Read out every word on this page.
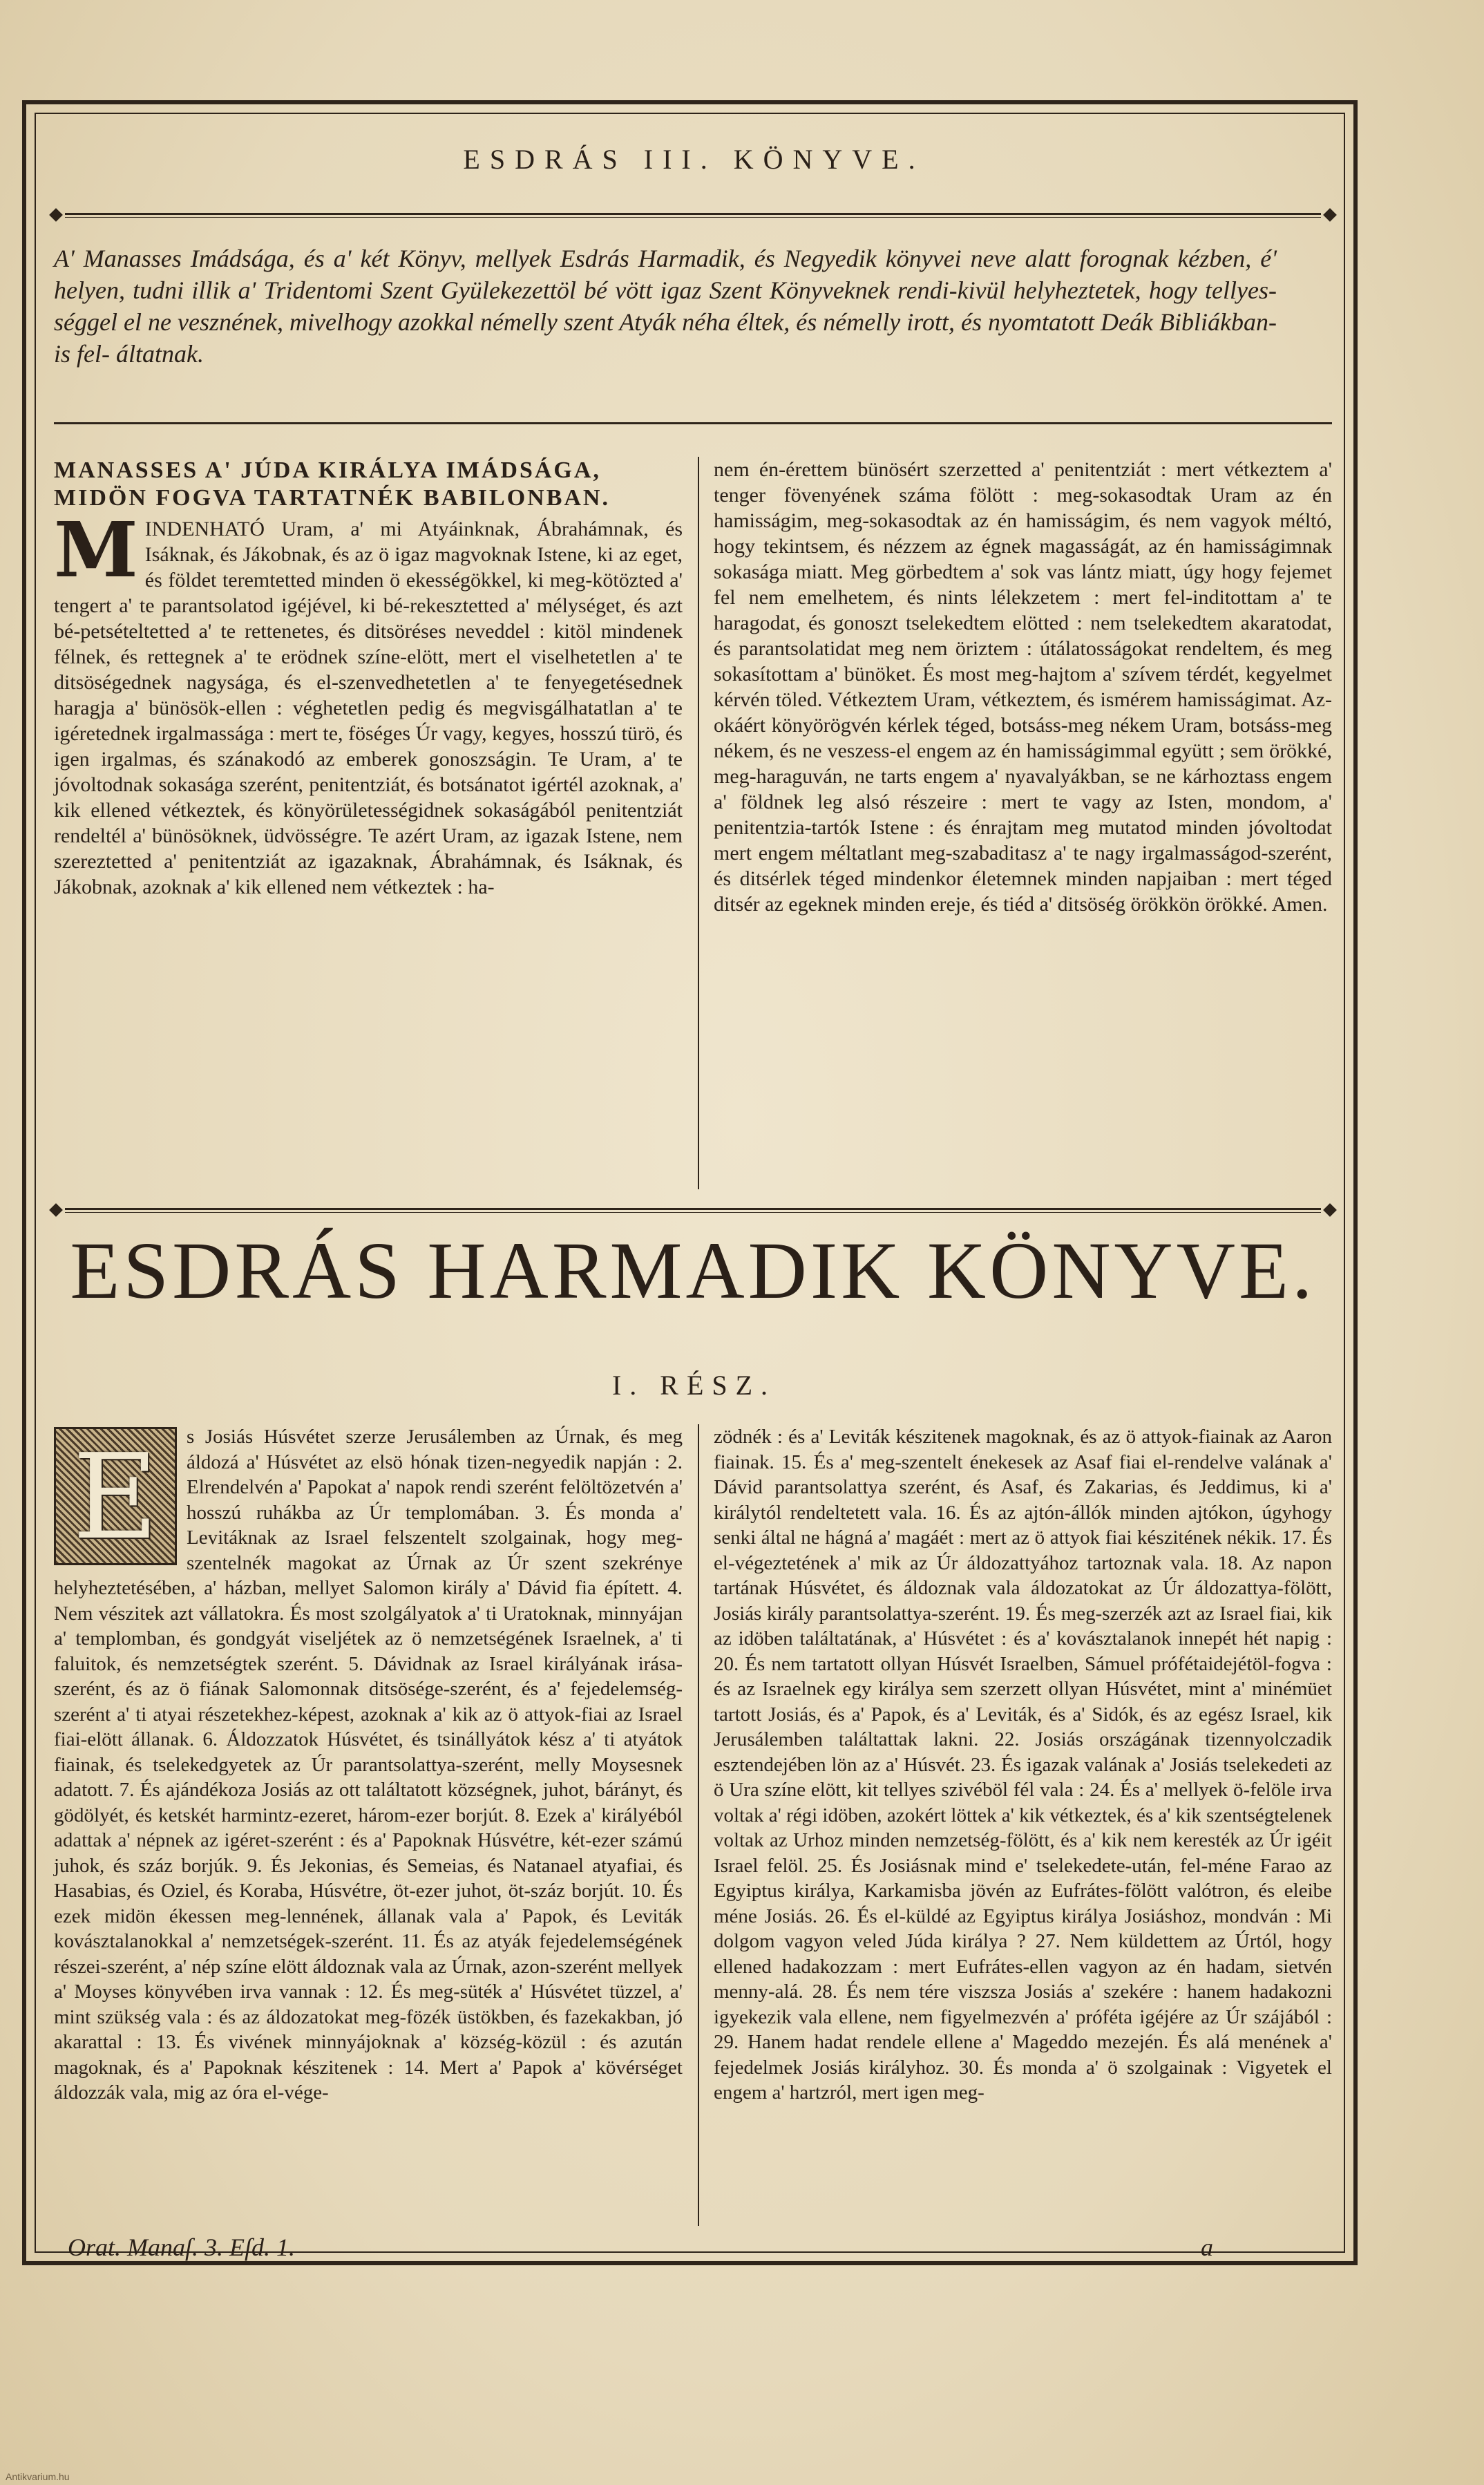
ESDRÁS III. KÖNYVE.
A' Manasses Imádsága, és a' két Könyv, mellyek Esdrás Harmadik, és Negyedik könyvei neve alatt forognak kézben, é' helyen, tudni illik a' Tridentomi Szent Gyülekezettöl bé vött igaz Szent Könyveknek rendi-kivül helyheztetek, hogy tellyes-séggel el ne vesznének, mivelhogy azokkal némelly szent Atyák néha éltek, és némelly irott, és nyomtatott Deák Bibliákban-is fel- áltatnak.
MANASSES A' JÚDA KIRÁLYA IMÁDSÁGA, MIDÖN FOGVA TARTATNÉK BABILONBAN.
M INDENHATÓ Uram, a' mi Atyáinknak, Ábrahámnak, és Isáknak, és Jákobnak, és az ö igaz magvoknak Istene, ki az eget, és földet teremtetted minden ö ekességökkel, ki meg-kötözted a' tengert a' te parantsolatod igéjével, ki bé-rekesztetted a' mélységet, és azt bé-petsételtetted a' te rettenetes, és ditsöréses neveddel : kitöl mindenek félnek, és rettegnek a' te erödnek színe-elött, mert el viselhetetlen a' te ditsöségednek nagysága, és el-szenvedhetetlen a' te fenyegetésednek haragja a' bünösök-ellen : véghetetlen pedig és megvisgálhatatlan a' te igéretednek irgalmassága : mert te, föséges Úr vagy, kegyes, hosszú türö, és igen irgalmas, és szánakodó az emberek gonoszságin. Te Uram, a' te jóvoltodnak sokasága szerént, penitentziát, és botsánatot igértél azoknak, a' kik ellened vétkeztek, és könyörületességidnek sokaságából penitentziát rendeltél a' bünösöknek, üdvösségre. Te azért Uram, az igazak Istene, nem szereztetted a' penitentziát az igazaknak, Ábrahámnak, és Isáknak, és Jákobnak, azoknak a' kik ellened nem vétkeztek : ha-
nem én-érettem bünösért szerzetted a' penitentziát : mert vétkeztem a' tenger fövenyének száma fölött : meg-sokasodtak Uram az én hamisságim, meg-sokasodtak az én hamisságim, és nem vagyok méltó, hogy tekintsem, és nézzem az égnek magasságát, az én hamisságimnak sokasága miatt. Meg görbedtem a' sok vas lántz miatt, úgy hogy fejemet fel nem emelhetem, és nints lélekzetem : mert fel-inditottam a' te haragodat, és gonoszt tselekedtem elötted : nem tselekedtem akaratodat, és parantsolatidat meg nem öriztem : útálatosságokat rendeltem, és meg sokasítottam a' bünöket. És most meg-hajtom a' szívem térdét, kegyelmet kérvén töled. Vétkeztem Uram, vétkeztem, és ismérem hamisságimat. Az-okáért könyörögvén kérlek téged, botsáss-meg nékem Uram, botsáss-meg nékem, és ne veszess-el engem az én hamisságimmal együtt ; sem örökké, meg-haraguván, ne tarts engem a' nyavalyákban, se ne kárhoztass engem a' földnek leg alsó részeire : mert te vagy az Isten, mondom, a' penitentzia-tartók Istene : és énrajtam meg mutatod minden jóvoltodat mert engem méltatlant meg-szabaditasz a' te nagy irgalmasságod-szerént, és ditsérlek téged mindenkor életemnek minden napjaiban : mert téged ditsér az egeknek minden ereje, és tiéd a' ditsöség örökkön örökké. Amen.
ESDRÁS HARMADIK KÖNYVE.
I. RÉSZ.
E	s Josiás Húsvétet szerze Jerusálemben az Úrnak, és meg áldozá a' Húsvétet az elsö hónak tizen-negyedik napján : 2. Elrendelvén a' Papokat a' napok rendi szerént felöltözetvén a' hosszú ruhákba az Úr templomában. 3. És monda a' Levitáknak az Israel felszentelt szolgainak, hogy meg-szentelnék magokat az Úrnak az Úr szent szekrénye helyheztetésében, a' házban, mellyet Salomon király a' Dávid fia épített. 4. Nem vészitek azt vállatokra. És most szolgályatok a' ti Uratoknak, minnyájan a' templomban, és gondgyát viseljétek az ö nemzetségének Israelnek, a' ti faluitok, és nemzetségtek szerént. 5. Dávidnak az Israel királyának irása-szerént, és az ö fiának Salomonnak ditsösége-szerént, és a' fejedelemség-szerént a' ti atyai részetekhez-képest, azoknak a' kik az ö attyok-fiai az Israel fiai-elött állanak. 6. Áldozzatok Húsvétet, és tsinállyátok kész a' ti atyátok fiainak, és tselekedgyetek az Úr parantsolattya-szerént, melly Moysesnek adatott. 7. És ajándékoza Josiás az ott találtatott községnek, juhot, bárányt, és gödölyét, és ketskét harmintz-ezeret, három-ezer borjút. 8. Ezek a' királyéból adattak a' népnek az igéret-szerént : és a' Papoknak Húsvétre, két-ezer számú juhok, és száz borjúk. 9. És Jekonias, és Semeias, és Natanael atyafiai, és Hasabias, és Oziel, és Koraba, Húsvétre, öt-ezer juhot, öt-száz borjút. 10. És ezek midön ékessen meg-lennének, állanak vala a' Papok, és Leviták kovásztalanokkal a' nemzetségek-szerént. 11. És az atyák fejedelemségének részei-szerént, a' nép színe elött áldoznak vala az Úrnak, azon-szerént mellyek a' Moyses könyvében irva vannak : 12. És meg-süték a' Húsvétet tüzzel, a' mint szükség vala : és az áldozatokat meg-fözék üstökben, és fazekakban, jó akarattal : 13. És vivének minnyájoknak a' község-közül : és azután magoknak, és a' Papoknak készitenek : 14. Mert a' Papok a' kövérséget áldozzák vala, mig az óra el-vége-
zödnék : és a' Leviták készitenek magoknak, és az ö attyok-fiainak az Aaron fiainak. 15. És a' meg-szentelt énekesek az Asaf fiai el-rendelve valának a' Dávid parantsolattya szerént, és Asaf, és Zakarias, és Jeddimus, ki a' királytól rendeltetett vala. 16. És az ajtón-állók minden ajtókon, úgyhogy senki által ne hágná a' magáét : mert az ö attyok fiai készitének nékik. 17. És el-végeztetének a' mik az Úr áldozattyához tartoznak vala. 18. Az napon tartának Húsvétet, és áldoznak vala áldozatokat az Úr áldozattya-fölött, Josiás király parantsolattya-szerént. 19. És meg-szerzék azt az Israel fiai, kik az idöben találtatának, a' Húsvétet : és a' kovásztalanok innepét hét napig : 20. És nem tartatott ollyan Húsvét Israelben, Sámuel prófétaidejétöl-fogva : és az Israelnek egy királya sem szerzett ollyan Húsvétet, mint a' minémüet tartott Josiás, és a' Papok, és a' Leviták, és a' Sidók, és az egész Israel, kik Jerusálemben találtattak lakni. 22. Josiás országának tizennyolczadik esztendejében lön az a' Húsvét. 23. És igazak valának a' Josiás tselekedeti az ö Ura színe elött, kit tellyes szivéböl fél vala : 24. És a' mellyek ö-felöle irva voltak a' régi idöben, azokért löttek a' kik vétkeztek, és a' kik szentségtelenek voltak az Urhoz minden nemzetség-fölött, és a' kik nem keresték az Úr igéit Israel felöl. 25. És Josiásnak mind e' tselekedete-után, fel-méne Farao az Egyiptus királya, Karkamisba jövén az Eufrátes-fölött valótron, és eleibe méne Josiás. 26. És el-küldé az Egyiptus királya Josiáshoz, mondván : Mi dolgom vagyon veled Júda királya ? 27. Nem küldettem az Úrtól, hogy ellened hadakozzam : mert Eufrátes-ellen vagyon az én hadam, sietvén menny-alá. 28. És nem tére viszsza Josiás a' szekére : hanem hadakozni igyekezik vala ellene, nem figyelmezvén a' próféta igéjére az Úr szájából : 29. Hanem hadat rendele ellene a' Mageddo mezején. És alá menének a' fejedelmek Josiás királyhoz. 30. És monda a' ö szolgainak : Vigyetek el engem a' hartzról, mert igen meg-
Orat. Manaſ. 3. Eſd. 1.	a
Antikvarium.hu
